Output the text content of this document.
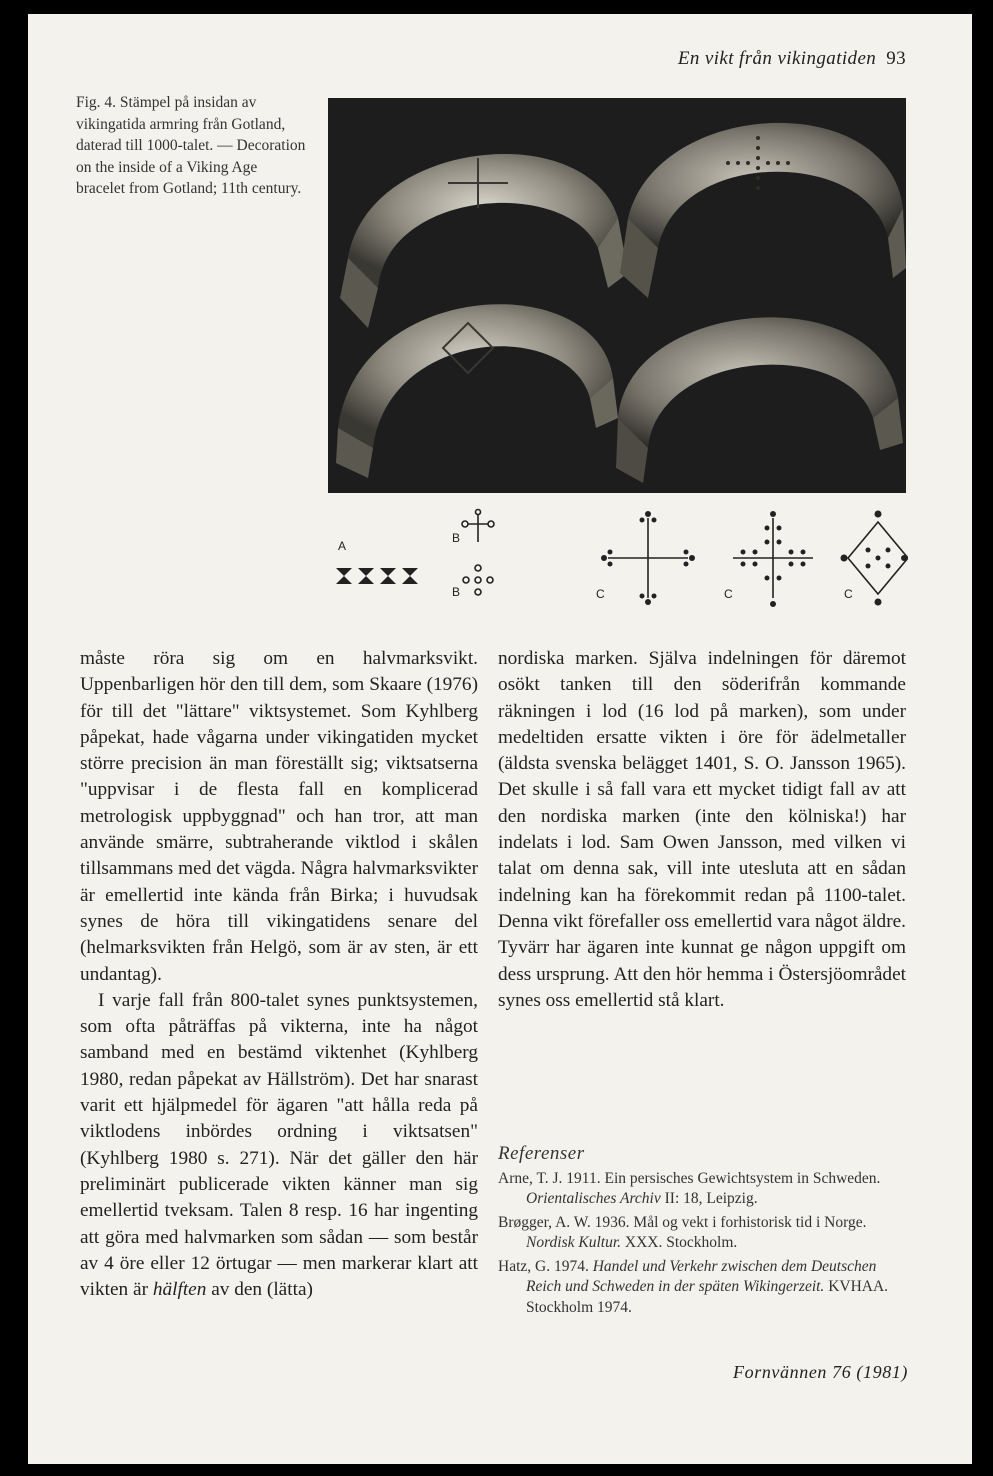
En vikt från vikingatiden 93
Fig. 4. Stämpel på insidan av vikingatida armring från Gotland, daterad till 1000-talet. — Decoration on the inside of a Viking Age bracelet from Gotland; 11th century.
A
B
B	C	C	C

måste röra sig om en halvmarksvikt. Uppenbarligen hör den till dem, som Skaare (1976) för till det "lättare" viktsystemet. Som Kyhlberg påpekat, hade vågarna under vikingatiden mycket större precision än man föreställt sig; viktsatserna "uppvisar i de flesta fall en komplicerad metrologisk uppbyggnad" och han tror, att man använde smärre, subtraherande viktlod i skålen tillsammans med det vägda. Några halvmarksvikter är emellertid inte kända från Birka; i huvudsak synes de höra till vikingatidens senare del (helmarksvikten från Helgö, som är av sten, är ett undantag).

I varje fall från 800-talet synes punktsystemen, som ofta påträffas på vikterna, inte ha något samband med en bestämd viktenhet (Kyhlberg 1980, redan påpekat av Hällström). Det har snarast varit ett hjälpmedel för ägaren "att hålla reda på viktlodens inbördes ordning i viktsatsen" (Kyhlberg 1980 s. 271). När det gäller den här preliminärt publicerade vikten känner man sig emellertid tveksam. Talen 8 resp. 16 har ingenting att göra med halvmarken som sådan — som består av 4 öre eller 12 örtugar — men markerar klart att vikten är hälften av den (lätta)

nordiska marken. Själva indelningen för däremot osökt tanken till den söderifrån kommande räkningen i lod (16 lod på marken), som under medeltiden ersatte vikten i öre för ädelmetaller (äldsta svenska belägget 1401, S. O. Jansson 1965). Det skulle i så fall vara ett mycket tidigt fall av att den nordiska marken (inte den kölniska!) har indelats i lod. Sam Owen Jansson, med vilken vi talat om denna sak, vill inte utesluta att en sådan indelning kan ha förekommit redan på 1100-talet. Denna vikt förefaller oss emellertid vara något äldre. Tyvärr har ägaren inte kunnat ge någon uppgift om dess ursprung. Att den hör hemma i Östersjöområdet synes oss emellertid stå klart.

Referenser

Arne, T. J. 1911. Ein persisches Gewichtsystem in Schweden. Orientalisches Archiv II: 18, Leipzig.

Brøgger, A. W. 1936. Mål og vekt i forhistorisk tid i Norge. Nordisk Kultur. XXX. Stockholm.

Hatz, G. 1974. Handel und Verkehr zwischen dem Deutschen Reich und Schweden in der späten Wikingerzeit. KVHAA. Stockholm 1974.

Fornvännen 76 (1981)
